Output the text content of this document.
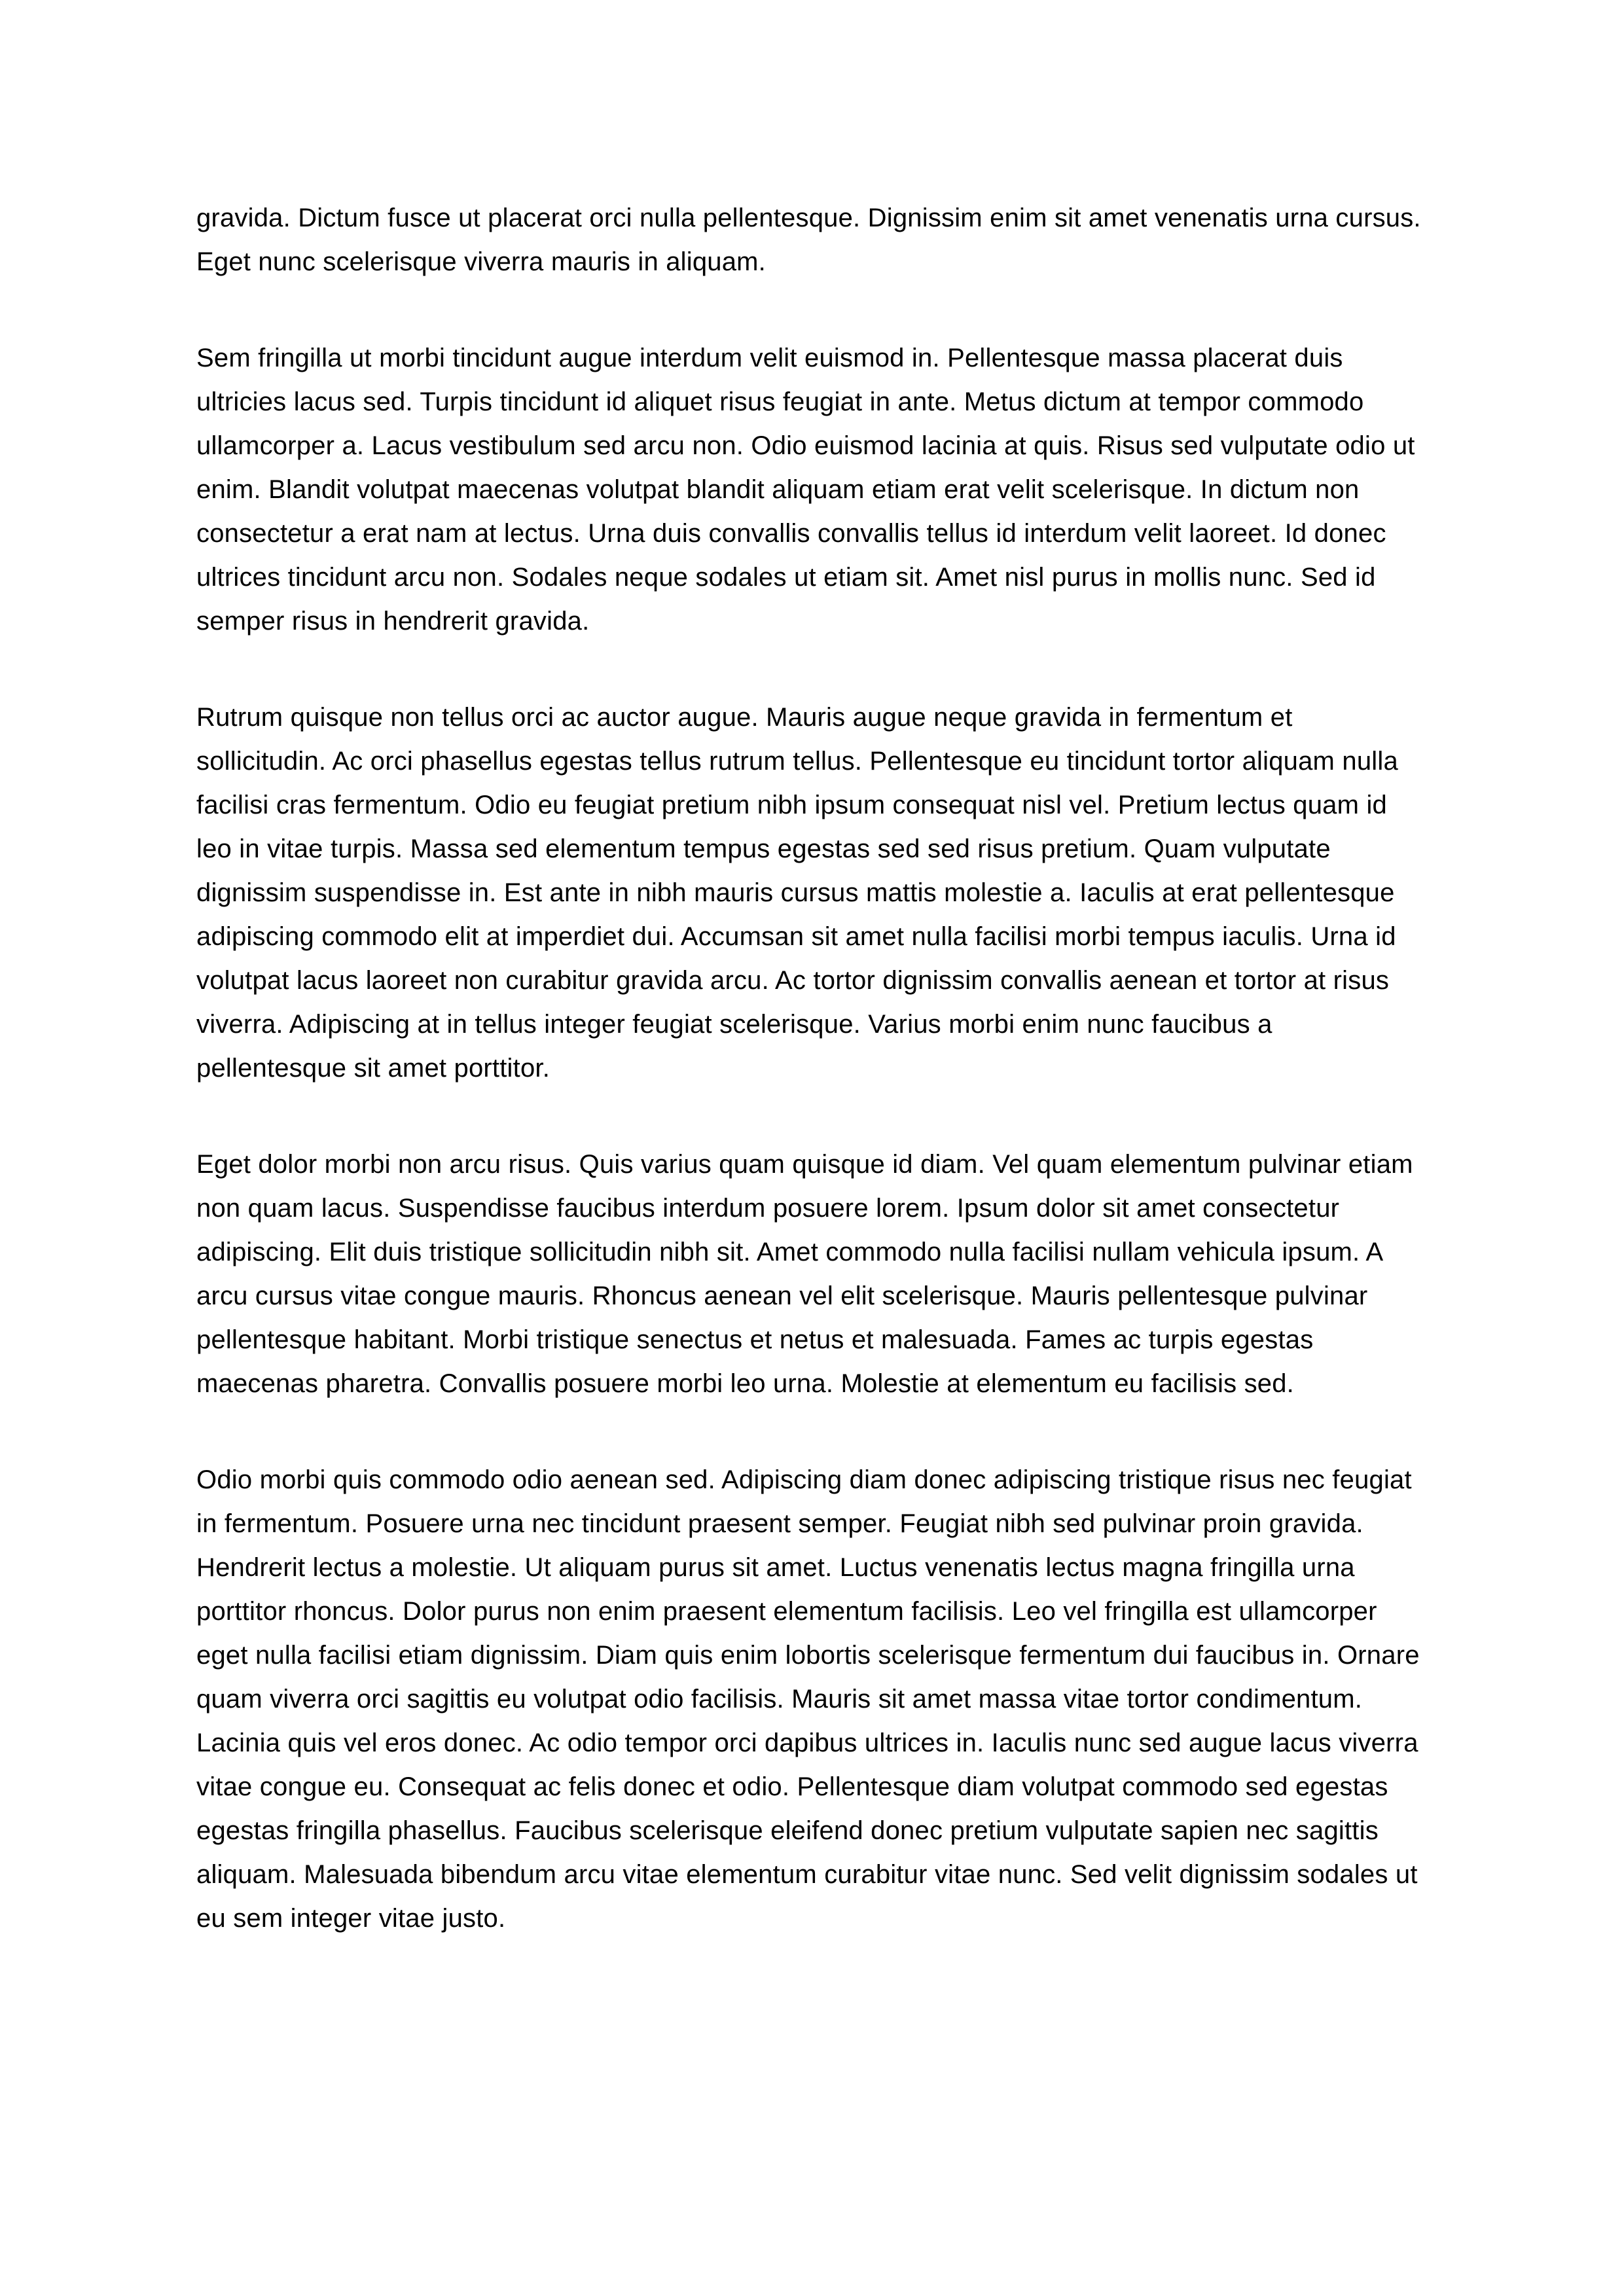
gravida. Dictum fusce ut placerat orci nulla pellentesque. Dignissim enim sit amet venenatis urna cursus. Eget nunc scelerisque viverra mauris in aliquam.

Sem fringilla ut morbi tincidunt augue interdum velit euismod in. Pellentesque massa placerat duis ultricies lacus sed. Turpis tincidunt id aliquet risus feugiat in ante. Metus dictum at tempor commodo ullamcorper a. Lacus vestibulum sed arcu non. Odio euismod lacinia at quis. Risus sed vulputate odio ut enim. Blandit volutpat maecenas volutpat blandit aliquam etiam erat velit scelerisque. In dictum non consectetur a erat nam at lectus. Urna duis convallis convallis tellus id interdum velit laoreet. Id donec ultrices tincidunt arcu non. Sodales neque sodales ut etiam sit. Amet nisl purus in mollis nunc. Sed id semper risus in hendrerit gravida.

Rutrum quisque non tellus orci ac auctor augue. Mauris augue neque gravida in fermentum et sollicitudin. Ac orci phasellus egestas tellus rutrum tellus. Pellentesque eu tincidunt tortor aliquam nulla facilisi cras fermentum. Odio eu feugiat pretium nibh ipsum consequat nisl vel. Pretium lectus quam id leo in vitae turpis. Massa sed elementum tempus egestas sed sed risus pretium. Quam vulputate dignissim suspendisse in. Est ante in nibh mauris cursus mattis molestie a. Iaculis at erat pellentesque adipiscing commodo elit at imperdiet dui. Accumsan sit amet nulla facilisi morbi tempus iaculis. Urna id volutpat lacus laoreet non curabitur gravida arcu. Ac tortor dignissim convallis aenean et tortor at risus viverra. Adipiscing at in tellus integer feugiat scelerisque. Varius morbi enim nunc faucibus a pellentesque sit amet porttitor.

Eget dolor morbi non arcu risus. Quis varius quam quisque id diam. Vel quam elementum pulvinar etiam non quam lacus. Suspendisse faucibus interdum posuere lorem. Ipsum dolor sit amet consectetur adipiscing. Elit duis tristique sollicitudin nibh sit. Amet commodo nulla facilisi nullam vehicula ipsum. A arcu cursus vitae congue mauris. Rhoncus aenean vel elit scelerisque. Mauris pellentesque pulvinar pellentesque habitant. Morbi tristique senectus et netus et malesuada. Fames ac turpis egestas maecenas pharetra. Convallis posuere morbi leo urna. Molestie at elementum eu facilisis sed.

Odio morbi quis commodo odio aenean sed. Adipiscing diam donec adipiscing tristique risus nec feugiat in fermentum. Posuere urna nec tincidunt praesent semper. Feugiat nibh sed pulvinar proin gravida. Hendrerit lectus a molestie. Ut aliquam purus sit amet. Luctus venenatis lectus magna fringilla urna porttitor rhoncus. Dolor purus non enim praesent elementum facilisis. Leo vel fringilla est ullamcorper eget nulla facilisi etiam dignissim. Diam quis enim lobortis scelerisque fermentum dui faucibus in. Ornare quam viverra orci sagittis eu volutpat odio facilisis. Mauris sit amet massa vitae tortor condimentum. Lacinia quis vel eros donec. Ac odio tempor orci dapibus ultrices in. Iaculis nunc sed augue lacus viverra vitae congue eu. Consequat ac felis donec et odio. Pellentesque diam volutpat commodo sed egestas egestas fringilla phasellus. Faucibus scelerisque eleifend donec pretium vulputate sapien nec sagittis aliquam. Malesuada bibendum arcu vitae elementum curabitur vitae nunc. Sed velit dignissim sodales ut eu sem integer vitae justo.
